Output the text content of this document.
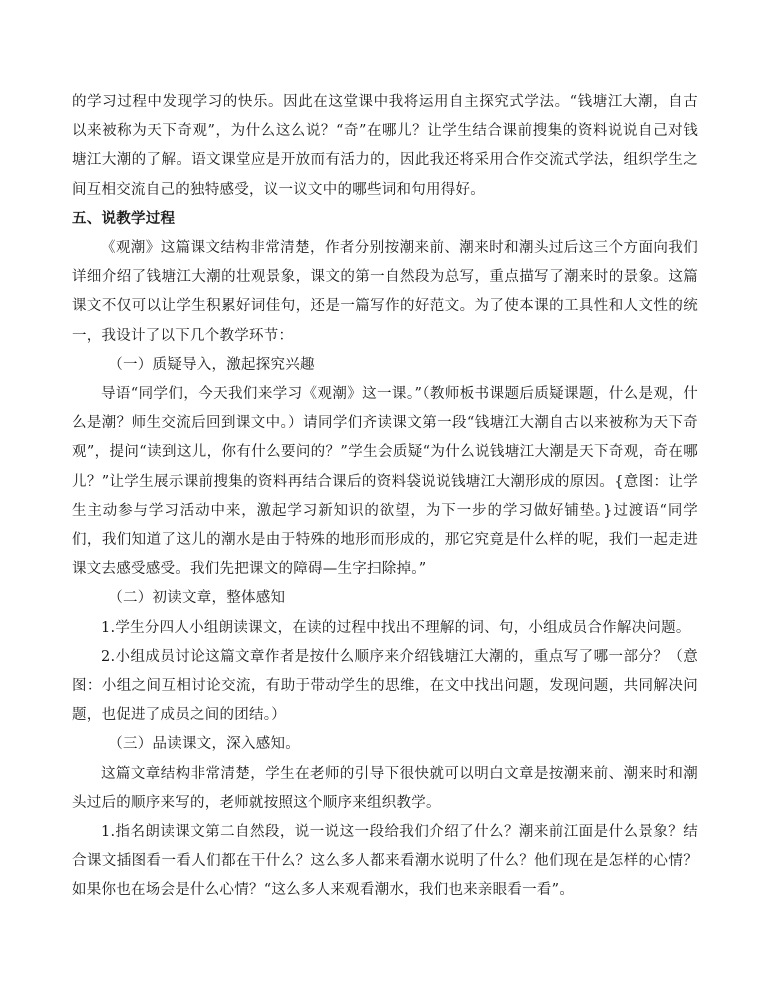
的学习过程中发现学习的快乐。因此在这堂课中我将运用自主探究式学法。“钱塘江大潮，自古以来被称为天下奇观”，为什么这么说？“奇”在哪儿？让学生结合课前搜集的资料说说自己对钱塘江大潮的了解。语文课堂应是开放而有活力的，因此我还将采用合作交流式学法，组织学生之间互相交流自己的独特感受，议一议文中的哪些词和句用得好。

五、说教学过程

《观潮》这篇课文结构非常清楚，作者分别按潮来前、潮来时和潮头过后这三个方面向我们详细介绍了钱塘江大潮的壮观景象，课文的第一自然段为总写，重点描写了潮来时的景象。这篇课文不仅可以让学生积累好词佳句，还是一篇写作的好范文。为了使本课的工具性和人文性的统一，我设计了以下几个教学环节：

（一）质疑导入，激起探究兴趣

导语“同学们，今天我们来学习《观潮》这一课。”（教师板书课题后质疑课题，什么是观，什么是潮？师生交流后回到课文中。）请同学们齐读课文第一段“钱塘江大潮自古以来被称为天下奇观”，提问“读到这儿，你有什么要问的？”学生会质疑“为什么说钱塘江大潮是天下奇观，奇在哪儿？”让学生展示课前搜集的资料再结合课后的资料袋说说钱塘江大潮形成的原因。{意图：让学生主动参与学习活动中来，激起学习新知识的欲望，为下一步的学习做好铺垫。}过渡语“同学们，我们知道了这儿的潮水是由于特殊的地形而形成的，那它究竟是什么样的呢，我们一起走进课文去感受感受。我们先把课文的障碍—生字扫除掉。”

（二）初读文章，整体感知

1.学生分四人小组朗读课文，在读的过程中找出不理解的词、句，小组成员合作解决问题。

2.小组成员讨论这篇文章作者是按什么顺序来介绍钱塘江大潮的，重点写了哪一部分？（意图：小组之间互相讨论交流，有助于带动学生的思维，在文中找出问题，发现问题，共同解决问题，也促进了成员之间的团结。）

（三）品读课文，深入感知。

这篇文章结构非常清楚，学生在老师的引导下很快就可以明白文章是按潮来前、潮来时和潮头过后的顺序来写的，老师就按照这个顺序来组织教学。

1.指名朗读课文第二自然段，说一说这一段给我们介绍了什么？潮来前江面是什么景象？结合课文插图看一看人们都在干什么？这么多人都来看潮水说明了什么？他们现在是怎样的心情？如果你也在场会是什么心情？“这么多人来观看潮水，我们也来亲眼看一看”。
